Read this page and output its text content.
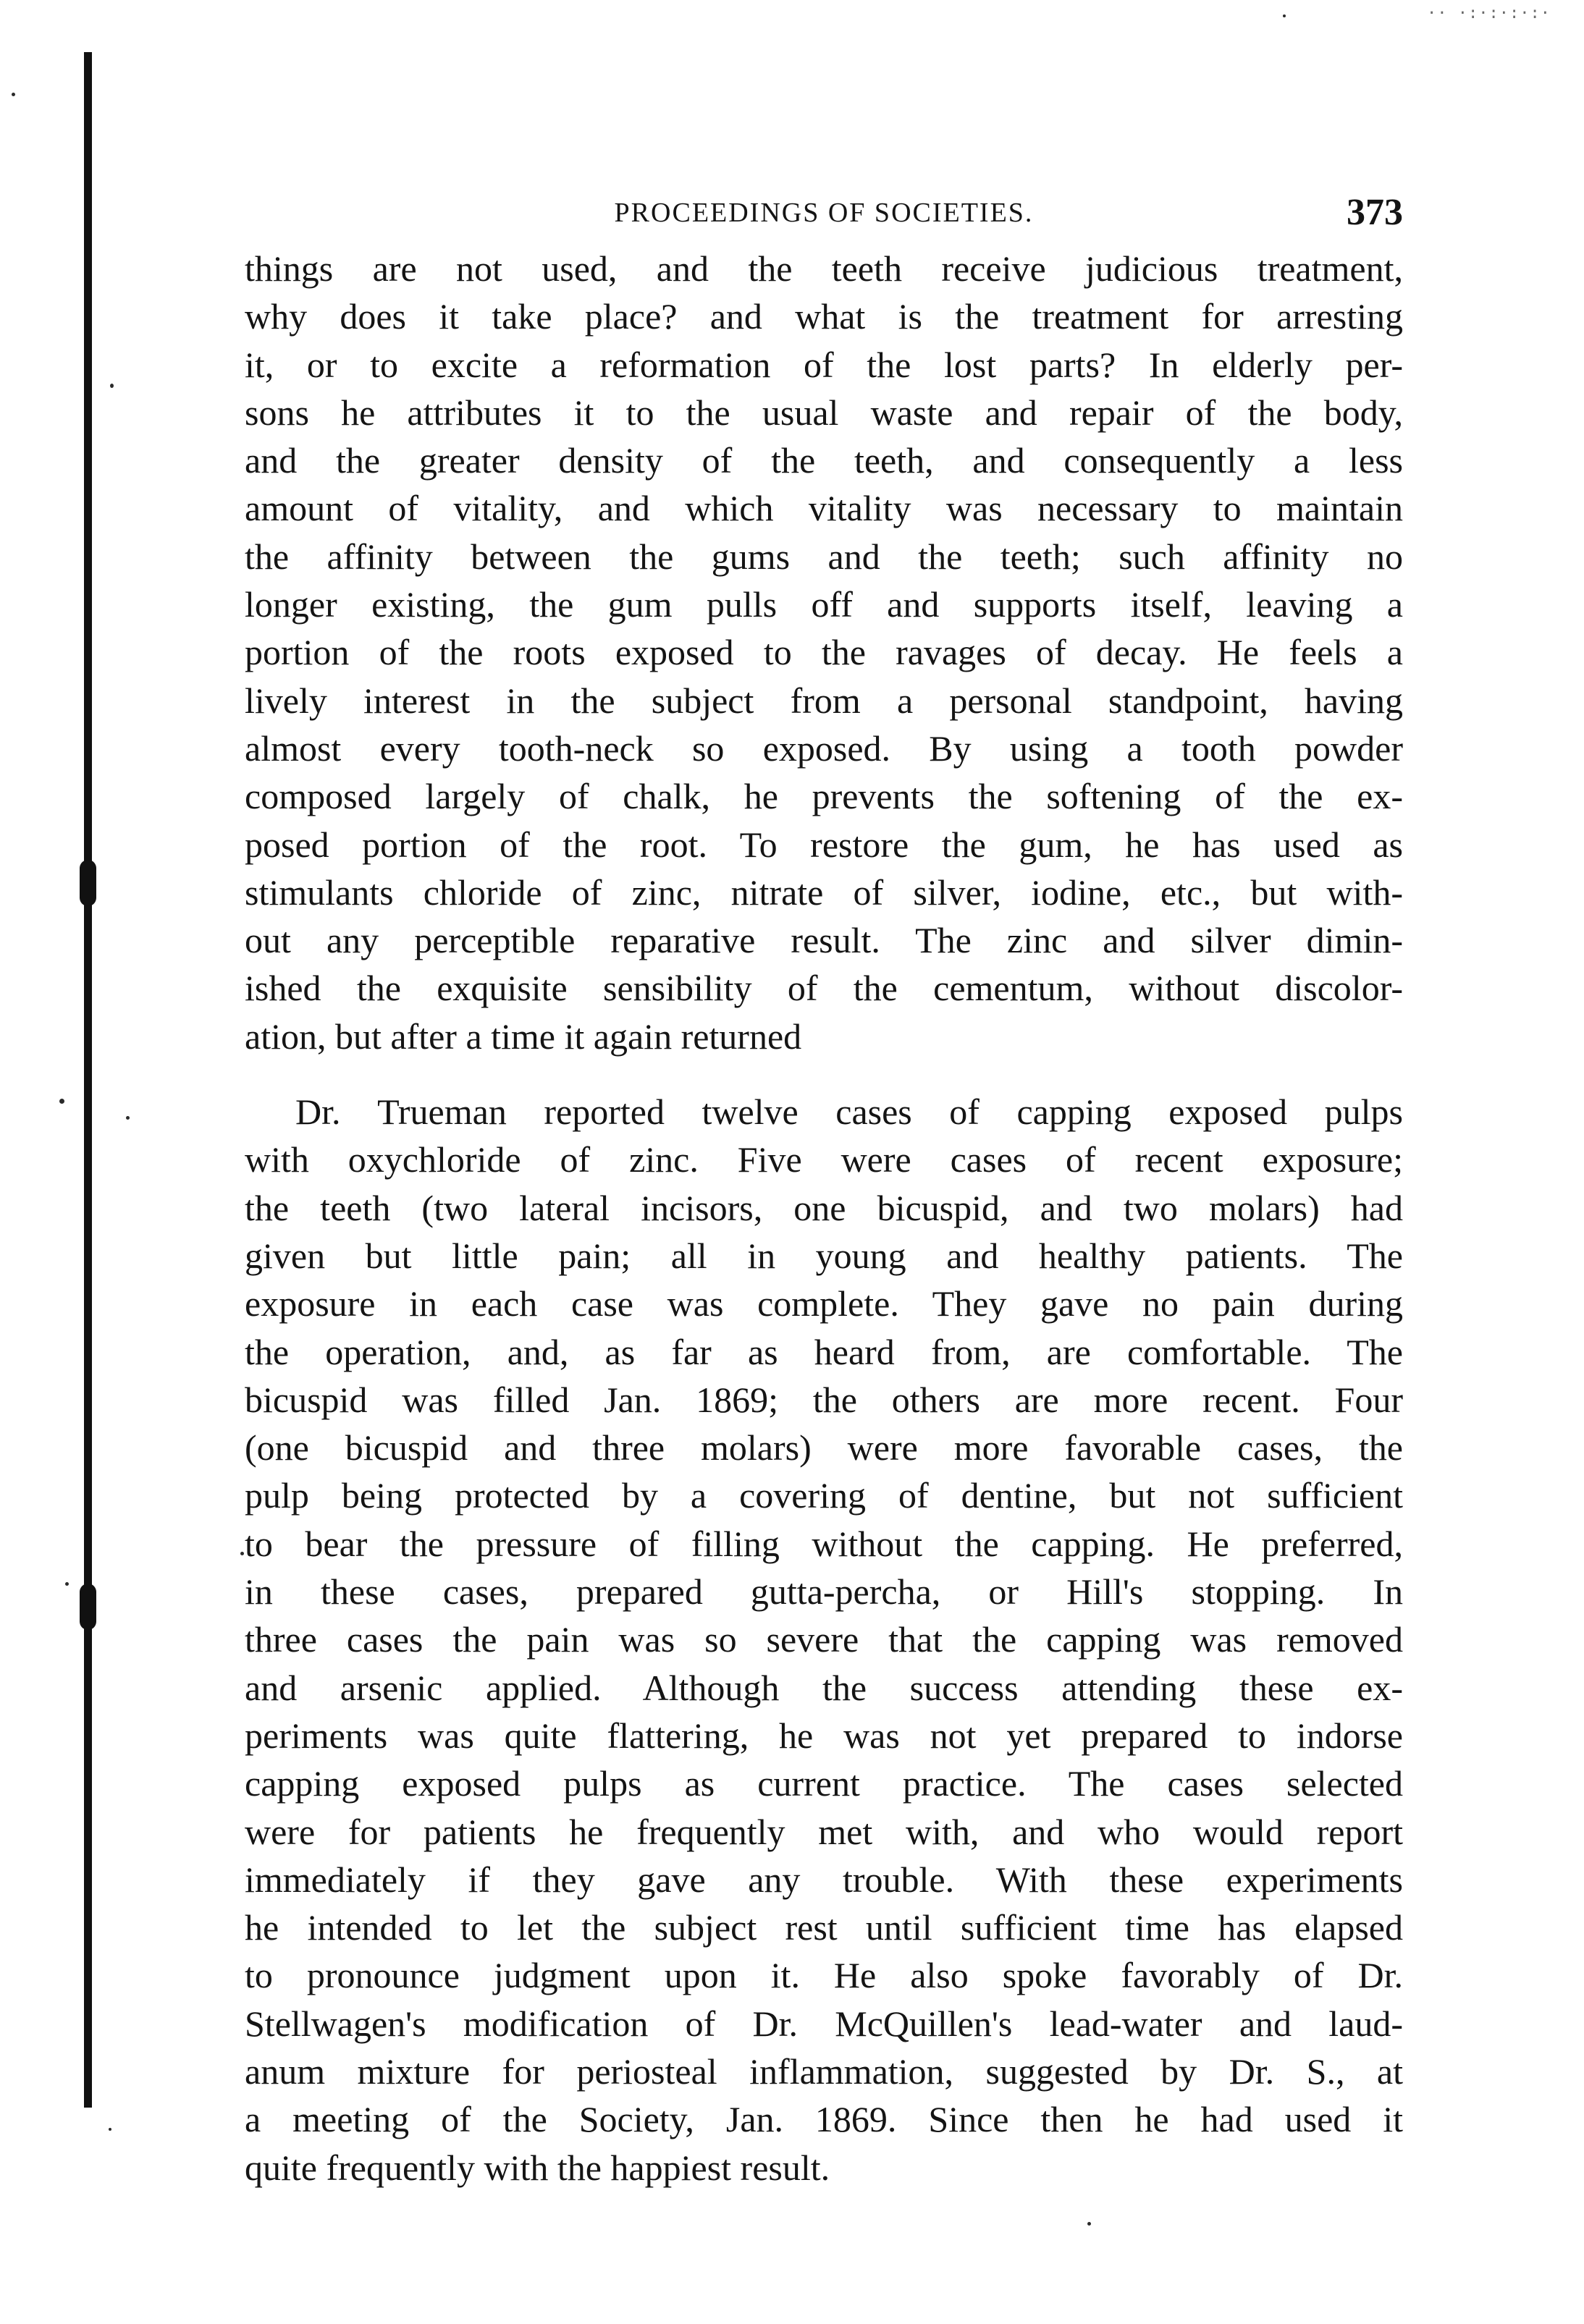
·· ·:·:·:·:·
PROCEEDINGS OF SOCIETIES.	373

things are not used, and the teeth receive judicious treatment,
why does it take place? and what is the treatment for arresting
it, or to excite a reformation of the lost parts? In elderly per-
sons he attributes it to the usual waste and repair of the body,
and the greater density of the teeth, and consequently a less
amount of vitality, and which vitality was necessary to maintain
the affinity between the gums and the teeth; such affinity no
longer existing, the gum pulls off and supports itself, leaving a
portion of the roots exposed to the ravages of decay. He feels a
lively interest in the subject from a personal standpoint, having
almost every tooth-neck so exposed. By using a tooth powder
composed largely of chalk, he prevents the softening of the ex-
posed portion of the root. To restore the gum, he has used as
stimulants chloride of zinc, nitrate of silver, iodine, etc., but with-
out any perceptible reparative result. The zinc and silver dimin-
ished the exquisite sensibility of the cementum, without discolor-
ation, but after a time it again returned

Dr. Trueman reported twelve cases of capping exposed pulps
with oxychloride of zinc. Five were cases of recent exposure;
the teeth (two lateral incisors, one bicuspid, and two molars) had
given but little pain; all in young and healthy patients. The
exposure in each case was complete. They gave no pain during
the operation, and, as far as heard from, are comfortable. The
bicuspid was filled Jan. 1869; the others are more recent. Four
(one bicuspid and three molars) were more favorable cases, the
pulp being protected by a covering of dentine, but not sufficient
to bear the pressure of filling without the capping. He preferred,
in these cases, prepared gutta-percha, or Hill's stopping. In
three cases the pain was so severe that the capping was removed
and arsenic applied. Although the success attending these ex-
periments was quite flattering, he was not yet prepared to indorse
capping exposed pulps as current practice. The cases selected
were for patients he frequently met with, and who would report
immediately if they gave any trouble. With these experiments
he intended to let the subject rest until sufficient time has elapsed
to pronounce judgment upon it. He also spoke favorably of Dr.
Stellwagen's modification of Dr. McQuillen's lead-water and laud-
anum mixture for periosteal inflammation, suggested by Dr. S., at
a meeting of the Society, Jan. 1869. Since then he had used it
quite frequently with the happiest result.
